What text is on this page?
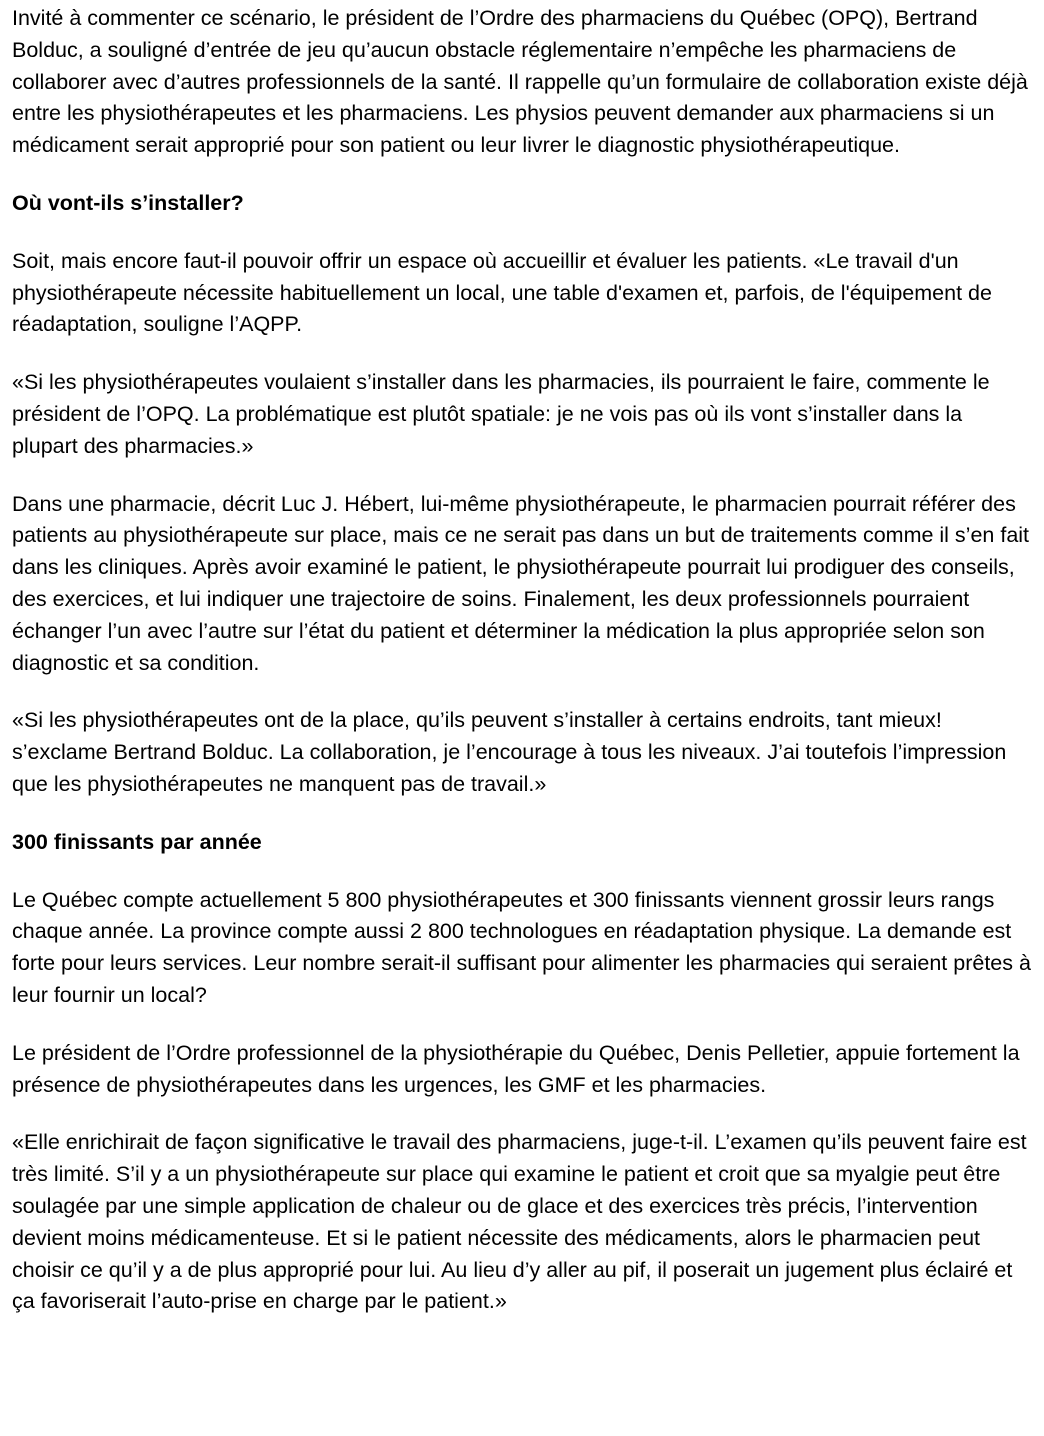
Invité à commenter ce scénario, le président de l’Ordre des pharmaciens du Québec (OPQ), Bertrand Bolduc, a souligné d’entrée de jeu qu’aucun obstacle réglementaire n’empêche les pharmaciens de collaborer avec d’autres professionnels de la santé. Il rappelle qu’un formulaire de collaboration existe déjà entre les physiothérapeutes et les pharmaciens. Les physios peuvent demander aux pharmaciens si un médicament serait approprié pour son patient ou leur livrer le diagnostic physiothérapeutique.

Où vont-ils s’installer?

Soit, mais encore faut-il pouvoir offrir un espace où accueillir et évaluer les patients. «Le travail d'un physiothérapeute nécessite habituellement un local, une table d'examen et, parfois, de l'équipement de réadaptation, souligne l’AQPP.

«Si les physiothérapeutes voulaient s’installer dans les pharmacies, ils pourraient le faire, commente le président de l’OPQ. La problématique est plutôt spatiale: je ne vois pas où ils vont s’installer dans la plupart des pharmacies.»

Dans une pharmacie, décrit Luc J. Hébert, lui-même physiothérapeute, le pharmacien pourrait référer des patients au physiothérapeute sur place, mais ce ne serait pas dans un but de traitements comme il s’en fait dans les cliniques. Après avoir examiné le patient, le physiothérapeute pourrait lui prodiguer des conseils, des exercices, et lui indiquer une trajectoire de soins. Finalement, les deux professionnels pourraient échanger l’un avec l’autre sur l’état du patient et déterminer la médication la plus appropriée selon son diagnostic et sa condition.

«Si les physiothérapeutes ont de la place, qu’ils peuvent s’installer à certains endroits, tant mieux! s’exclame Bertrand Bolduc. La collaboration, je l’encourage à tous les niveaux. J’ai toutefois l’impression que les physiothérapeutes ne manquent pas de travail.»

300 finissants par année

Le Québec compte actuellement 5 800 physiothérapeutes et 300 finissants viennent grossir leurs rangs chaque année. La province compte aussi 2 800 technologues en réadaptation physique. La demande est forte pour leurs services. Leur nombre serait-il suffisant pour alimenter les pharmacies qui seraient prêtes à leur fournir un local?

Le président de l’Ordre professionnel de la physiothérapie du Québec, Denis Pelletier, appuie fortement la présence de physiothérapeutes dans les urgences, les GMF et les pharmacies.

«Elle enrichirait de façon significative le travail des pharmaciens, juge-t-il. L’examen qu’ils peuvent faire est très limité. S’il y a un physiothérapeute sur place qui examine le patient et croit que sa myalgie peut être soulagée par une simple application de chaleur ou de glace et des exercices très précis, l’intervention devient moins médicamenteuse. Et si le patient nécessite des médicaments, alors le pharmacien peut choisir ce qu’il y a de plus approprié pour lui. Au lieu d’y aller au pif, il poserait un jugement plus éclairé et ça favoriserait l’auto-prise en charge par le patient.»
